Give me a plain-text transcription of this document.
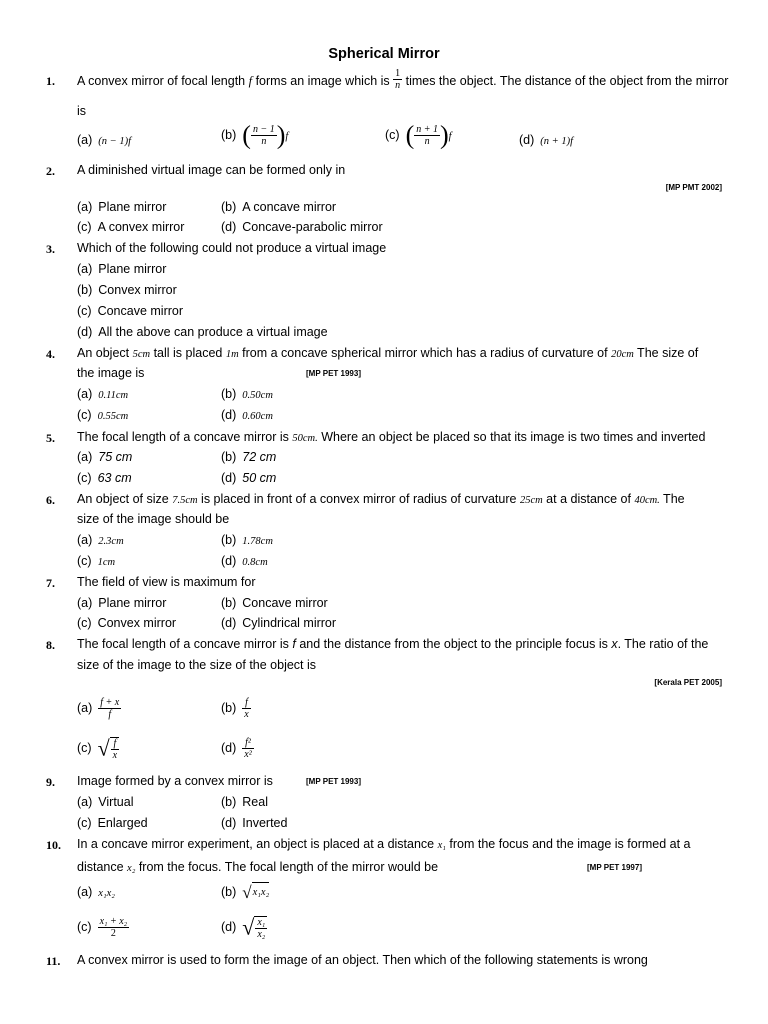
Spherical Mirror
1. A convex mirror of focal length f forms an image which is $\frac{1}{n}$ times the object. The distance of the object from the mirror
is
(a) (n − 1)f	(b) ( $\frac{n - 1}{n} )f$	(c) ( $\frac{n + 1}{n} )f$	(d) (n + 1)f
2. A diminished virtual image can be formed only in
[MP PMT 2002]
(a) Plane mirror	(b) A concave mirror
(c) A convex mirror	(d) Concave-parabolic mirror
3. Which of the following could not produce a virtual image
(a) Plane mirror
(b) Convex mirror
(c) Concave mirror
(d) All the above can produce a virtual image
4. An object 5cm tall is placed 1m from a concave spherical mirror which has a radius of curvature of 20cm The size of
the image is	[MP PET 1993]
(a) 0.11cm	(b) 0.50cm
(c) 0.55cm	(d) 0.60cm
5. The focal length of a concave mirror is 50cm. Where an object be placed so that its image is two times and inverted
(a) 75 cm	(b) 72 cm
(c) 63 cm	(d) 50 cm
6. An object of size 7.5cm is placed in front of a convex mirror of radius of curvature 25cm at a distance of 40cm. The
size of the image should be
(a) 2.3cm	(b) 1.78cm
(c) 1cm	(d) 0.8cm
7. The field of view is maximum for
(a) Plane mirror	(b) Concave mirror
(c) Convex mirror	(d) Cylindrical mirror
8. The focal length of a concave mirror is f and the distance from the object to the principle focus is x. The ratio of the
size of the image to the size of the object is
[Kerala PET 2005]
$(a) \frac{f + x}{f}$	$(b) \frac{f}{x}$
(c) √ $\frac{f}{x}$	$(d) \frac{\text{f²}}{\text{x²}}$
9. Image formed by a convex mirror is	[MP PET 1993]
(a) Virtual	(b) Real
(c) Enlarged	(d) Inverted
10. In a concave mirror experiment, an object is placed at a distance x₁ from the focus and the image is formed at a
distance x₂ from the focus. The focal length of the mirror would be	[MP PET 1997]
(a) x₁x₂	(b) √x₁x₂
$(c) \frac{\text{x₁ + x₂}}{2}$	(d) √ $\frac{\text{x₁}}{\text{x₂}}$
11. A convex mirror is used to form the image of an object. Then which of the following statements is wrong
